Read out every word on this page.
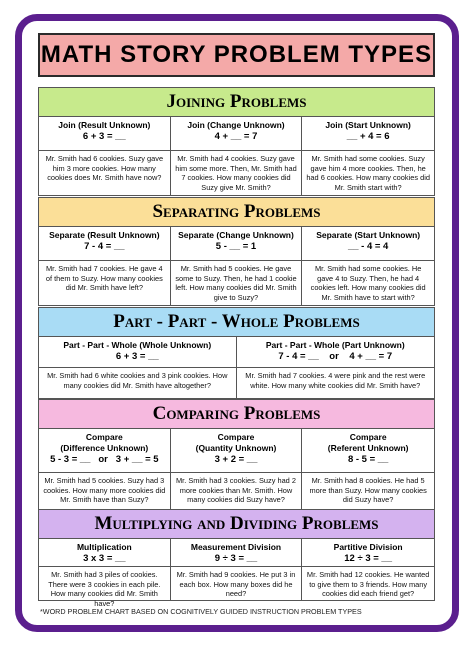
MATH STORY PROBLEM TYPES
Joining Problems
Join (Result Unknown)
6 + 3 = __
Join (Change Unknown)
4 + __ = 7
Join (Start Unknown)
__ + 4 = 6
Mr. Smith had 6 cookies. Suzy gave him 3 more cookies. How many cookies does Mr. Smith have now?
Mr. Smith had 4 cookies. Suzy gave him some more. Then, Mr. Smith had 7 cookies. How many cookies did Suzy give Mr. Smith?
Mr. Smith had some cookies. Suzy gave him 4 more cookies. Then, he had 6 cookies. How many cookies did Mr. Smith start with?
Separating Problems
Separate (Result Unknown)
7 - 4 = __
Separate (Change Unknown)
5 - __ = 1
Separate (Start Unknown)
__ - 4 = 4
Mr. Smith had 7 cookies. He gave 4 of them to Suzy. How many cookies did Mr. Smith have left?
Mr. Smith had 5 cookies. He gave some to Suzy. Then, he had 1 cookie left. How many cookies did Mr. Smith give to Suzy?
Mr. Smith had some cookies. He gave 4 to Suzy. Then, he had 4 cookies left. How many cookies did Mr. Smith have to start with?
Part - Part - Whole Problems
Part - Part - Whole (Whole Unknown)
6 + 3 = __
Part - Part - Whole (Part Unknown)
7 - 4 = __    or    4 + __ = 7
Mr. Smith had 6 white cookies and 3 pink cookies. How many cookies did Mr. Smith have altogether?
Mr. Smith had 7 cookies. 4 were pink and the rest were white. How many white cookies did Mr. Smith have?
Comparing Problems
Compare
(Difference Unknown)
5 - 3 = __   or   3 + __ = 5
Compare
(Quantity Unknown)
3 + 2 = __
Compare
(Referent Unknown)
8 - 5 = __
Mr. Smith had 5 cookies. Suzy had 3 cookies. How many more cookies did Mr. Smith have than Suzy?
Mr. Smith had 3 cookies. Suzy had 2 more cookies than Mr. Smith. How many cookies did Suzy have?
Mr. Smith had 8 cookies. He had 5 more than Suzy. How many cookies did Suzy have?
Multiplying and Dividing Problems
Multiplication
3 x 3 = __
Measurement Division
9 ÷ 3 = __
Partitive Division
12 ÷ 3 = __
Mr. Smith had 3 piles of cookies. There were 3 cookies in each pile. How many cookies did Mr. Smith have?
Mr. Smith had 9 cookies. He put 3 in each box. How many boxes did he need?
Mr. Smith had 12 cookies. He wanted to give them to 3 friends. How many cookies did each friend get?
*WORD PROBLEM CHART BASED ON COGNITIVELY GUIDED INSTRUCTION PROBLEM TYPES
